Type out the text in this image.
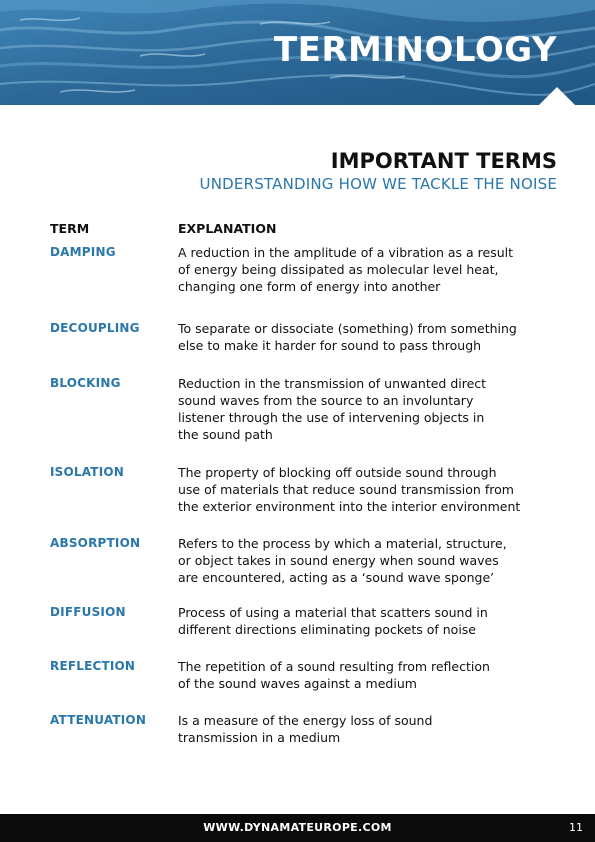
TERMINOLOGY
IMPORTANT TERMS
UNDERSTANDING HOW WE TACKLE THE NOISE
TERM	EXPLANATION
DAMPING	A reduction in the amplitude of a vibration as a result
of energy being dissipated as molecular level heat,
changing one form of energy into another
DECOUPLING	To separate or dissociate (something) from something
else to make it harder for sound to pass through
BLOCKING	Reduction in the transmission of unwanted direct
sound waves from the source to an involuntary
listener through the use of intervening objects in
the sound path
ISOLATION	The property of blocking off outside sound through
use of materials that reduce sound transmission from
the exterior environment into the interior environment
ABSORPTION	Refers to the process by which a material, structure,
or object takes in sound energy when sound waves
are encountered, acting as a ‘sound wave sponge’
DIFFUSION	Process of using a material that scatters sound in
different directions eliminating pockets of noise
REFLECTION	The repetition of a sound resulting from reflection
of the sound waves against a medium
ATTENUATION	Is a measure of the energy loss of sound
transmission in a medium
WWW.DYNAMATEUROPE.COM	11
